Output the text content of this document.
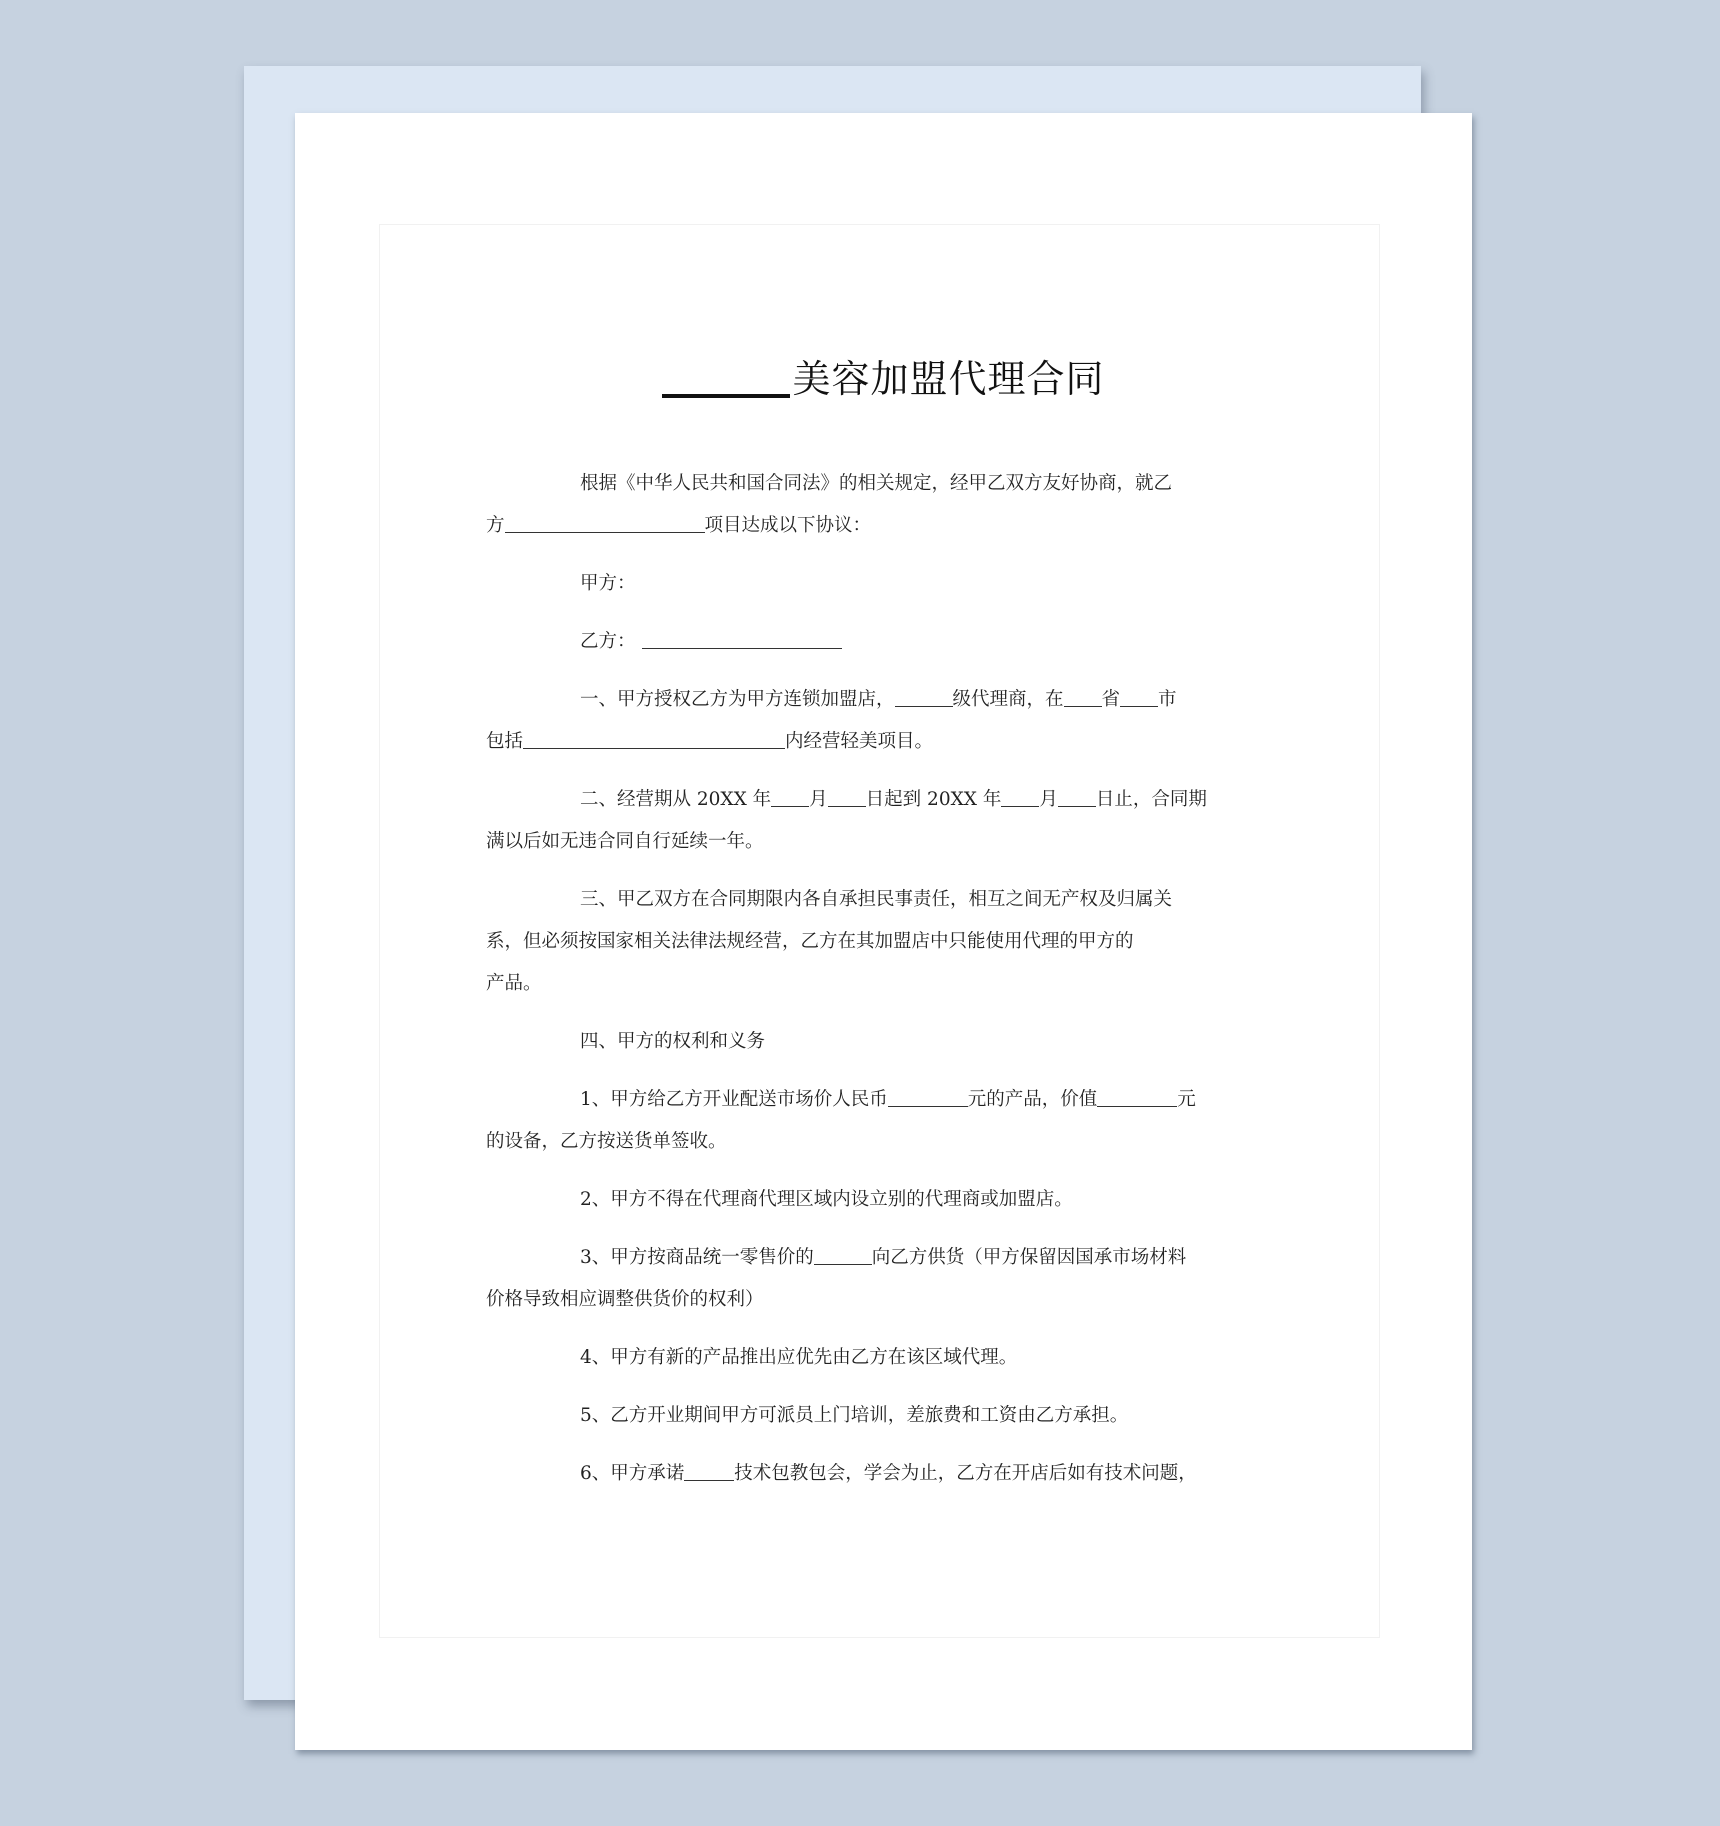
美容加盟代理合同
根据《中华人民共和国合同法》的相关规定，经甲乙双方友好协商，就乙
方	项目达成以下协议：
甲方：
乙方：
一、甲方授权乙方为甲方连锁加盟店，	级代理商，在 省 市
包括	内经营轻美项目。
二、经营期从 20XX 年 月 日起到 20XX 年 月 日止，合同期
满以后如无违合同自行延续一年。
三、甲乙双方在合同期限内各自承担民事责任，相互之间无产权及归属关
系，但必须按国家相关法律法规经营，乙方在其加盟店中只能使用代理的甲方的
产品。
四、甲方的权利和义务
1、甲方给乙方开业配送市场价人民币	元的产品，价值	元
的设备，乙方按送货单签收。
2、甲方不得在代理商代理区域内设立别的代理商或加盟店。
3、甲方按商品统一零售价的	向乙方供货（甲方保留因国承市场材料
价格导致相应调整供货价的权利）
4、甲方有新的产品推出应优先由乙方在该区域代理。
5、乙方开业期间甲方可派员上门培训，差旅费和工资由乙方承担。
6、甲方承诺	技术包教包会，学会为止，乙方在开店后如有技术问题，
